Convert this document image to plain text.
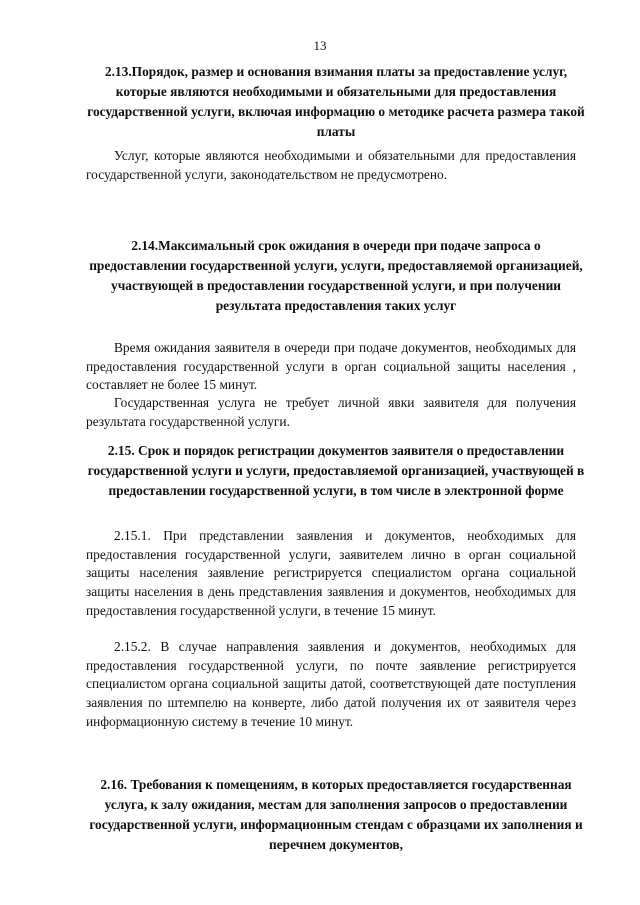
13
2.13.Порядок, размер и основания взимания платы за предоставление услуг, которые являются необходимыми и обязательными для предоставления государственной услуги, включая информацию о методике расчета размера такой платы
Услуг, которые являются необходимыми и обязательными для предоставления государственной услуги, законодательством не предусмотрено.
2.14.Максимальный срок ожидания в очереди при подаче запроса о предоставлении государственной услуги, услуги, предоставляемой организацией, участвующей в предоставлении государственной услуги, и при получении результата предоставления таких услуг
Время ожидания заявителя в очереди при подаче документов, необходимых для предоставления государственной услуги в орган социальной защиты населения , составляет не более 15 минут.
Государственная услуга не требует личной явки заявителя для получения результата государственной услуги.
2.15. Срок и порядок регистрации документов заявителя о предоставлении государственной услуги и услуги, предоставляемой организацией, участвующей в предоставлении государственной услуги, в том числе в электронной форме
2.15.1. При представлении заявления и документов, необходимых для предоставления государственной услуги, заявителем лично в орган социальной защиты населения заявление регистрируется специалистом органа социальной защиты населения в день представления заявления и документов, необходимых для предоставления государственной услуги, в течение 15 минут.
2.15.2. В случае направления заявления и документов, необходимых для предоставления государственной услуги, по почте заявление регистрируется специалистом органа социальной защиты датой, соответствующей дате поступления заявления по штемпелю на конверте, либо датой получения их от заявителя через информационную систему в течение 10 минут.
2.16. Требования к помещениям, в которых предоставляется государственная услуга, к залу ожидания, местам для заполнения запросов о предоставлении государственной услуги, информационным стендам с образцами их заполнения и перечнем документов,
